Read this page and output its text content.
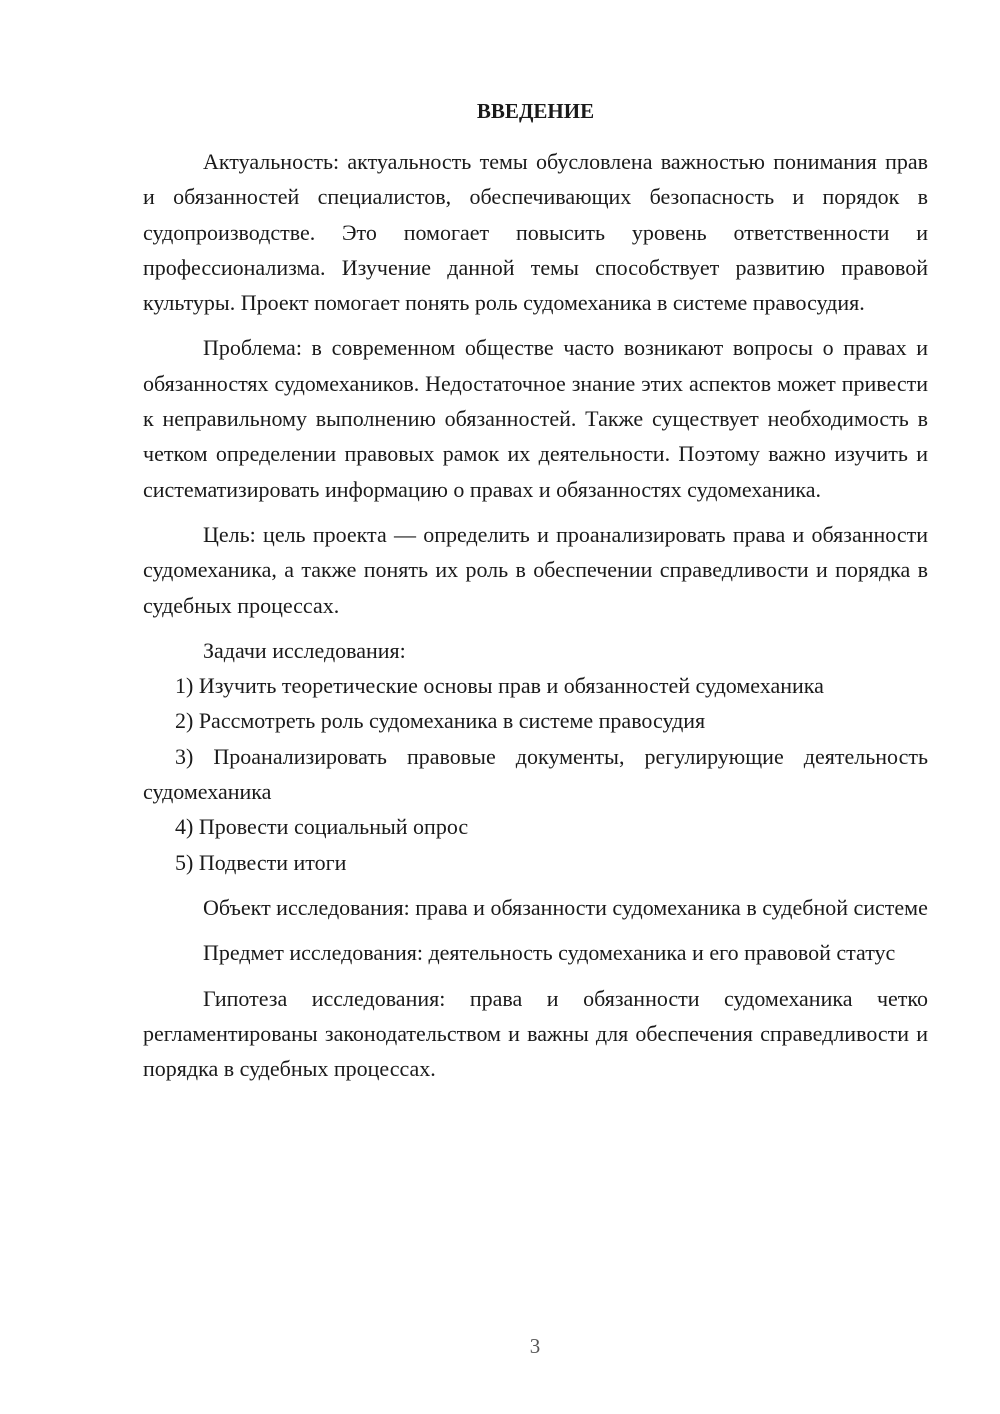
ВВЕДЕНИЕ

Актуальность: актуальность темы обусловлена важностью понимания прав и обязанностей специалистов, обеспечивающих безопасность и порядок в судопроизводстве. Это помогает повысить уровень ответственности и профессионализма. Изучение данной темы способствует развитию правовой культуры. Проект помогает понять роль судомеханика в системе правосудия.

Проблема: в современном обществе часто возникают вопросы о правах и обязанностях судомехаников. Недостаточное знание этих аспектов может привести к неправильному выполнению обязанностей. Также существует необходимость в четком определении правовых рамок их деятельности. Поэтому важно изучить и систематизировать информацию о правах и обязанностях судомеханика.

Цель: цель проекта — определить и проанализировать права и обязанности судомеханика, а также понять их роль в обеспечении справедливости и порядка в судебных процессах.

Задачи исследования:

1) Изучить теоретические основы прав и обязанностей судомеханика

2) Рассмотреть роль судомеханика в системе правосудия

3) Проанализировать правовые документы, регулирующие деятельность судомеханика

4) Провести социальный опрос

5) Подвести итоги

Объект исследования: права и обязанности судомеханика в судебной системе

Предмет исследования: деятельность судомеханика и его правовой статус

Гипотеза исследования: права и обязанности судомеханика четко регламентированы законодательством и важны для обеспечения справедливости и порядка в судебных процессах.

3
